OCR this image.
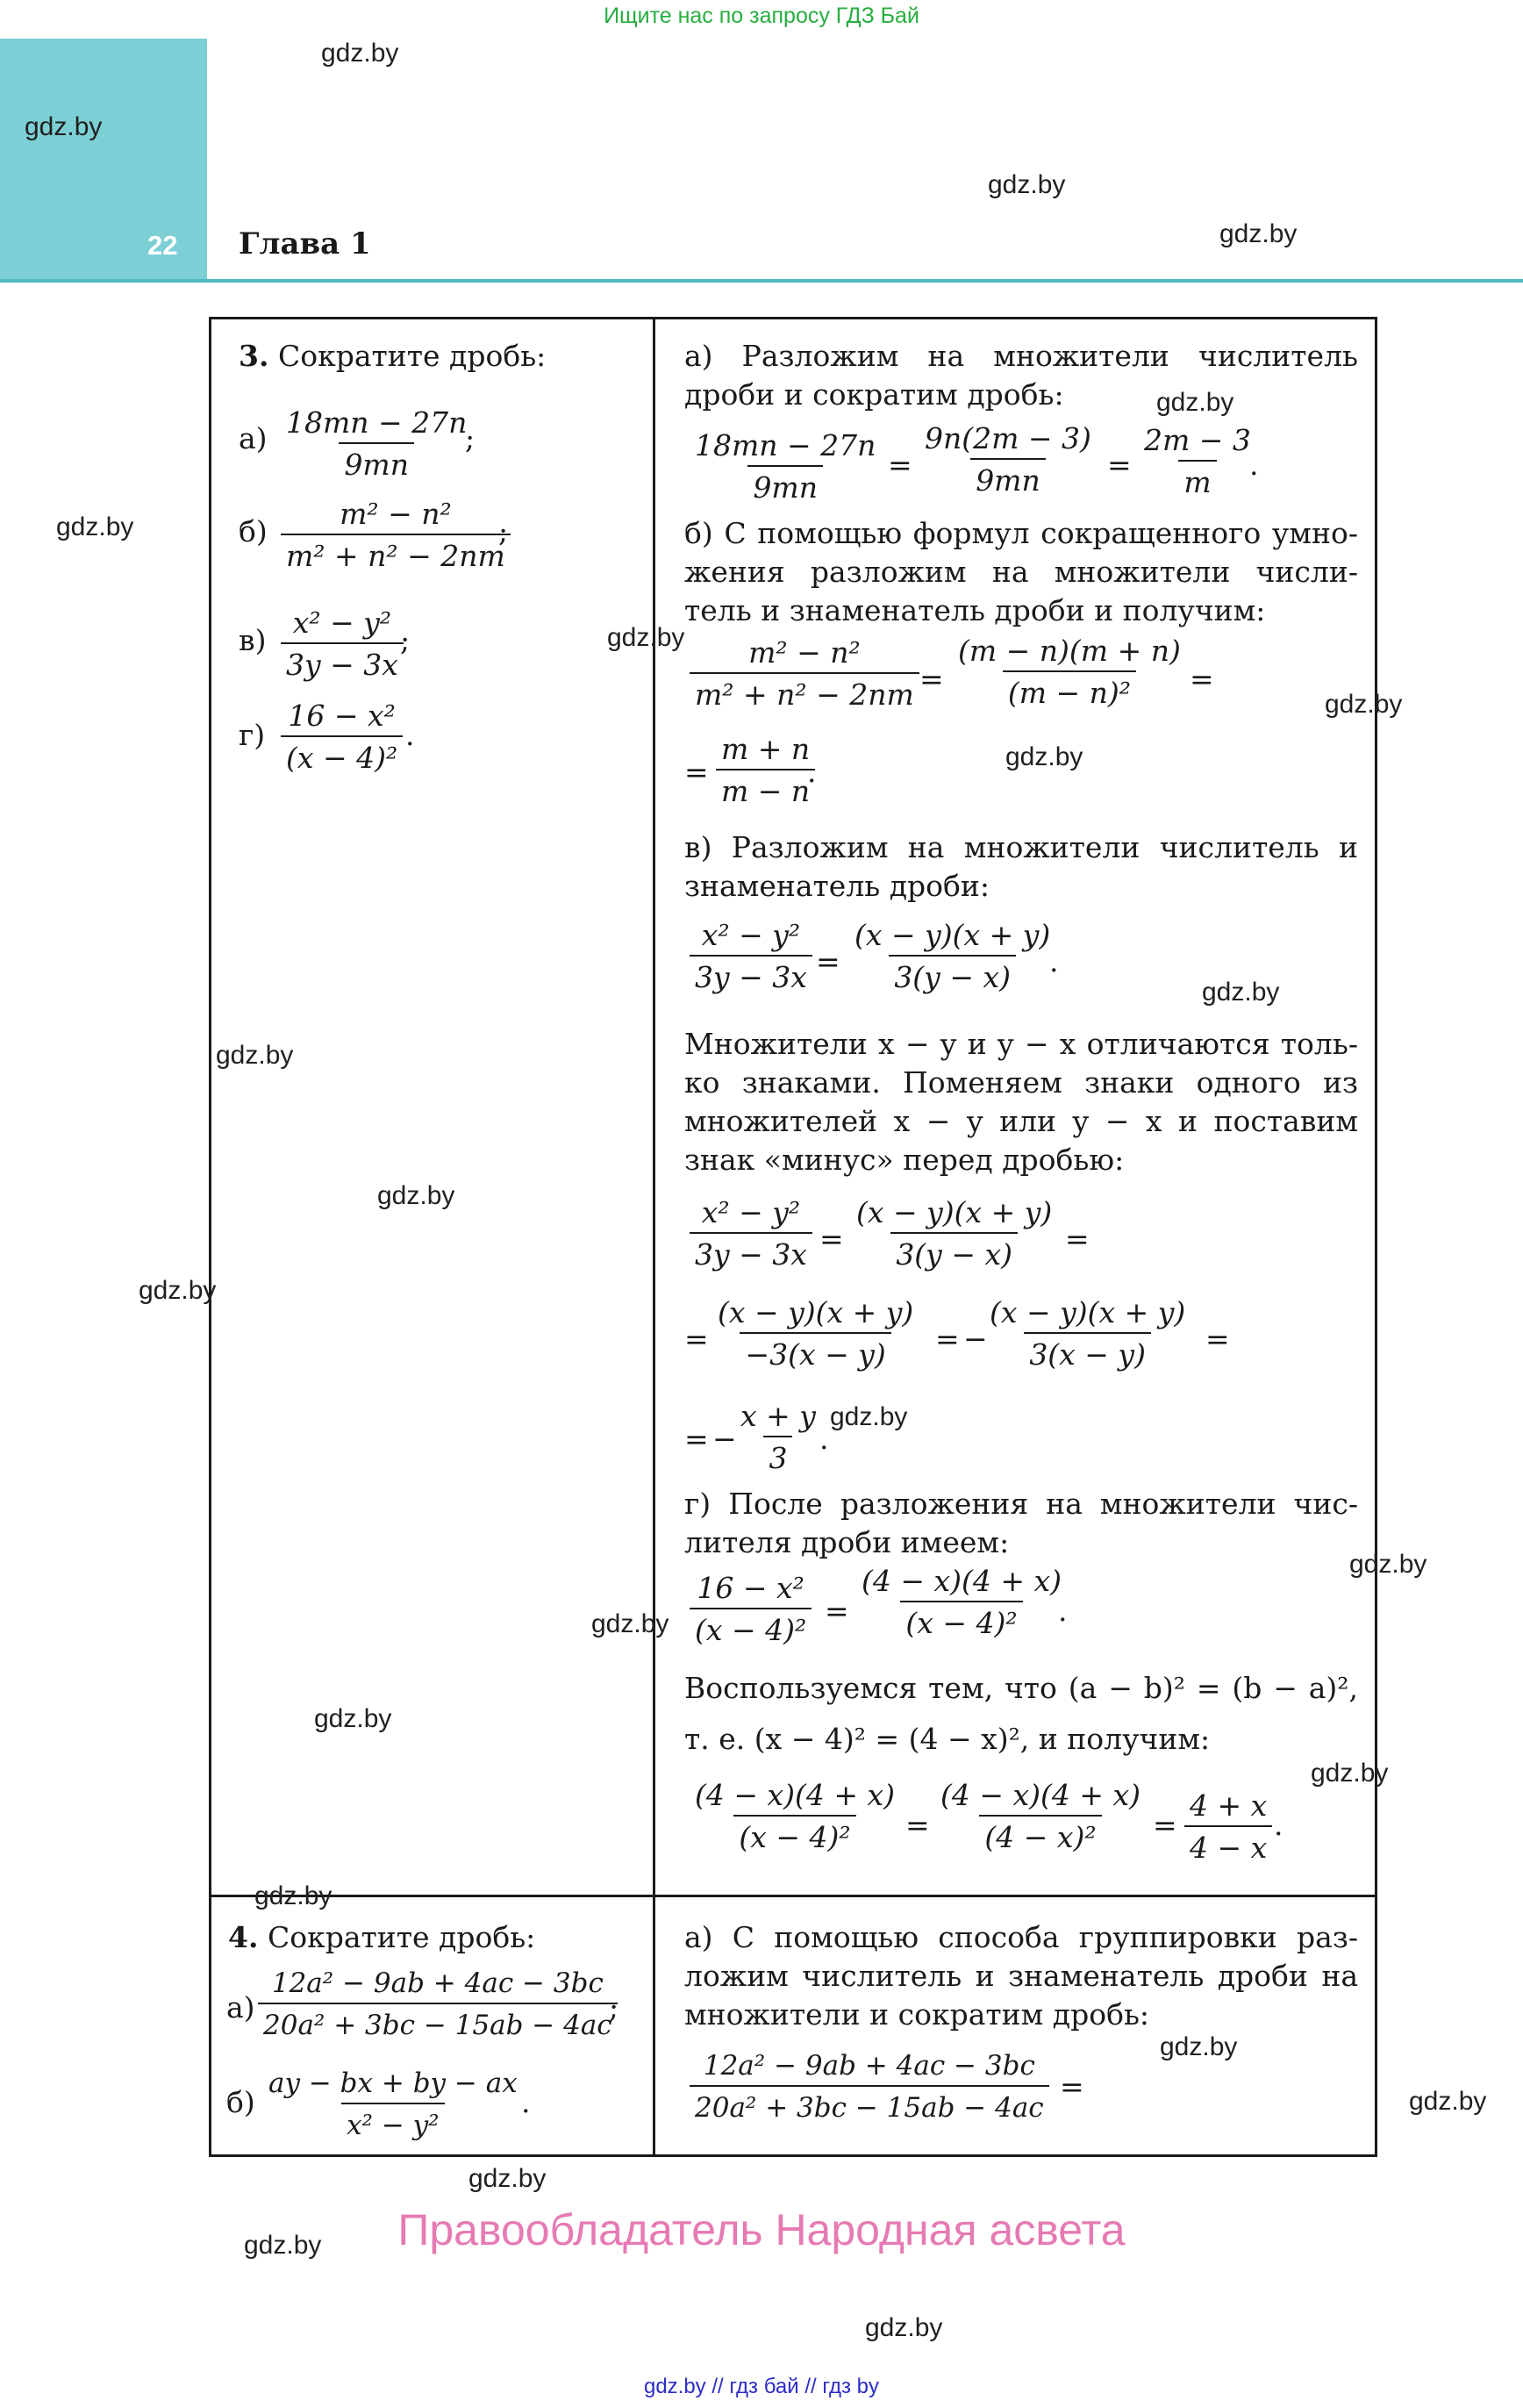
Ищите нас по запросу ГДЗ Бай
22 Глава 1
3. Сократите дробь:
$а) \frac{18mn - 27n}{9mn}$
;
$б) \frac{\text{m² − n²}}{\text{m² + n² − 2nm}}$
;
$в) \frac{\text{x² − y²}}{3y - 3x}$
;
$г) \frac{\text{16 − x²}}{\text{(x − 4)²}}$ .
а) Разложим на множители числитель
дроби и сократим дробь:
$\frac{18mn - 27n}{9mn} = \frac{9n(2m - 3)}{9mn} = \frac{2m - 3}{m}$
.
б) С помощью формул сокращенного умно-
жения разложим на множители числи-
тель и знаменатель дроби и получим:
$\frac{\text{m² − n²}}{\text{m² + n² − 2nm}} = \frac{(m - n)(m + n)}{\text{(m − n)²}}$ =
= $\frac{m + n}{m - n}$
.
в) Разложим на множители числитель и
знаменатель дроби:
$\frac{\text{x² − y²}}{3y - 3x} = \frac{(x - y)(x + y)}{3(y - x)}$
.
Множители x − y и y − x отличаются толь-
ко знаками. Поменяем знаки одного из
множителей x − y или y − x и поставим
знак «минус» перед дробью:
$\frac{\text{x² − y²}}{3y - 3x} = \frac{(x - y)(x + y)}{3(y - x)}$ =
= $\frac{(x - y)(x + y)}{-3(x - y)}$ = −
$\frac{(x - y)(x + y)}{3(x - y)}$ =
= −
$\frac{x + y}{3}$
.
г) После разложения на множители чис-
лителя дроби имеем:
$\frac{\text{16 − x²}}{\text{(x − 4)²}} = \frac{(4 - x)(4 + x)}{\text{(x − 4)²}}$
.
Воспользуемся тем, что (a − b)² = (b − a)²,
т. е. (x − 4)² = (4 − x)², и получим:
$\frac{(4 - x)(4 + x)}{\text{(x − 4)²}} = \frac{(4 - x)(4 + x)}{\text{(4 − x)²}} = \frac{4 + x}{4 - x}$ .
4. Сократите дробь:
$а) \frac{\text{12a² − 9ab + 4ac − 3bc}}{\text{20a² + 3bc − 15ab − 4ac}}$
;
$б) \frac{ay - bx + by - ax}{\text{x² − y²}}$
.
а) С помощью способа группировки раз-
ложим числитель и знаменатель дроби на
множители и сократим дробь:
$\frac{\text{12a² − 9ab + 4ac − 3bc}}{\text{20a² + 3bc − 15ab − 4ac}}$ =
gdz.by
gdz.by
gdz.by
gdz.by
gdz.by
gdz.by
gdz.by
gdz.by
gdz.by
gdz.by
gdz.by
gdz.by
gdz.by
gdz.by
gdz.by
gdz.by
gdz.by
gdz.by
gdz.by
gdz.by
gdz.by
gdz.by
gdz.by
gdz.by
Правообладатель Народная асвета
gdz.by // гдз бай // гдз by
